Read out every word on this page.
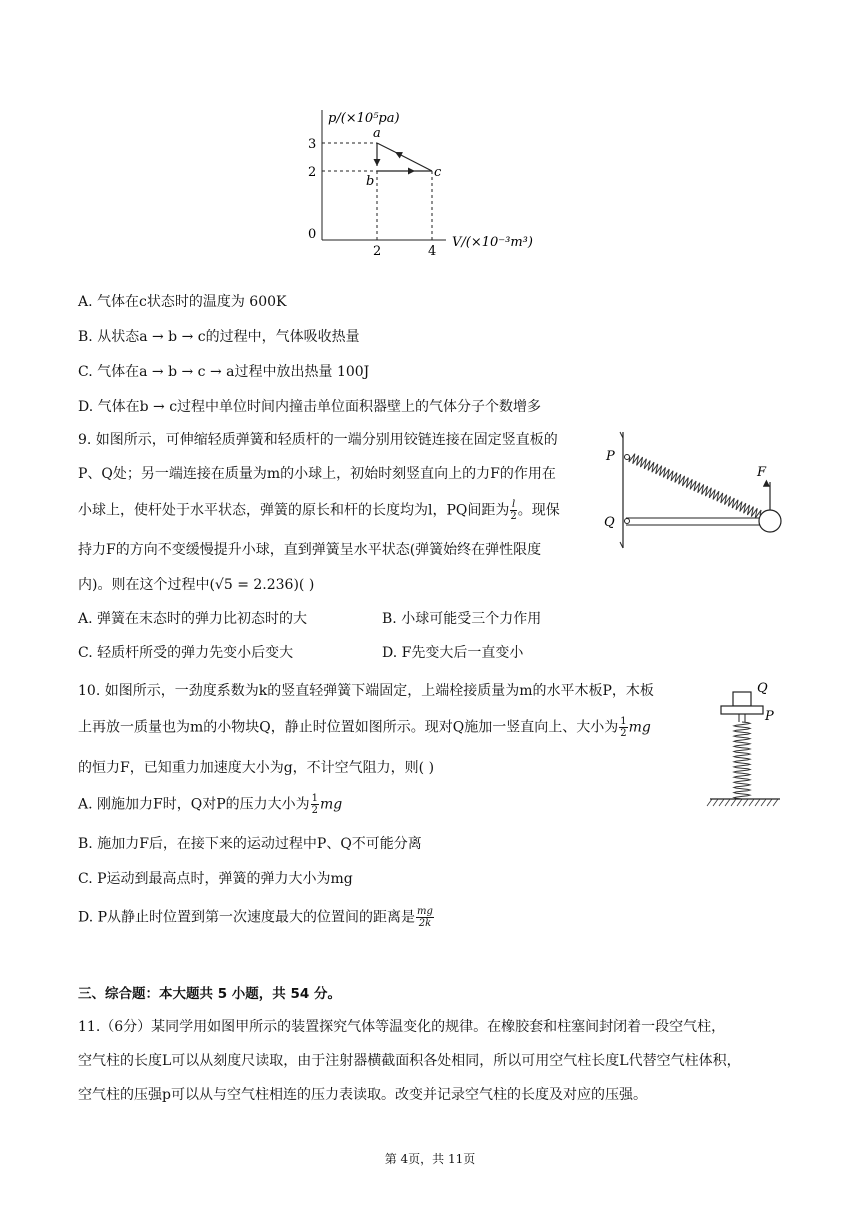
p/(×10⁵pa)
V/(×10⁻³m³)
0
3
2
2	4
a
b
c
A. 气体在c状态时的温度为 600K
B. 从状态a → b → c的过程中，气体吸收热量
C. 气体在a → b → c → a过程中放出热量 100J
D. 气体在b → c过程中单位时间内撞击单位面积器壁上的气体分子个数增多
9. 如图所示，可伸缩轻质弹簧和轻质杆的一端分别用铰链连接在固定竖直板的
P、Q处；另一端连接在质量为m的小球上，初始时刻竖直向上的力F的作用在
小球上，使杆处于水平状态，弹簧的原长和杆的长度均为l，PQ间距为 $\frac{l}{2}$ 。现保
持力F的方向不变缓慢提升小球，直到弹簧呈水平状态(弹簧始终在弹性限度
内)。则在这个过程中(√5 = 2.236)( )
A. 弹簧在末态时的弹力比初态时的大	B. 小球可能受三个力作用
C. 轻质杆所受的弹力先变小后变大	D. F先变大后一直变小
P
Q
F
10. 如图所示，一劲度系数为k的竖直轻弹簧下端固定，上端栓接质量为m的水平木板P，木板
上再放一质量也为m的小物块Q，静止时位置如图所示。现对Q施加一竖直向上、大小为 $\frac{1}{2}$ mg
的恒力F，已知重力加速度大小为g，不计空气阻力，则( )
A. 刚施加力F时，Q对P的压力大小为 $\frac{1}{2}$ mg
B. 施加力F后，在接下来的运动过程中P、Q不可能分离
C. P运动到最高点时，弹簧的弹力大小为mg
D. P从静止时位置到第一次速度最大的位置间的距离是 $\frac{mg}{2k}$
Q
P
三、综合题：本大题共 5 小题，共 54 分。
11.（6分）某同学用如图甲所示的装置探究气体等温变化的规律。在橡胶套和柱塞间封闭着一段空气柱，
空气柱的长度L可以从刻度尺读取，由于注射器横截面积各处相同，所以可用空气柱长度L代替空气柱体积，
空气柱的压强p可以从与空气柱相连的压力表读取。改变并记录空气柱的长度及对应的压强。
第 4页，共 11页
